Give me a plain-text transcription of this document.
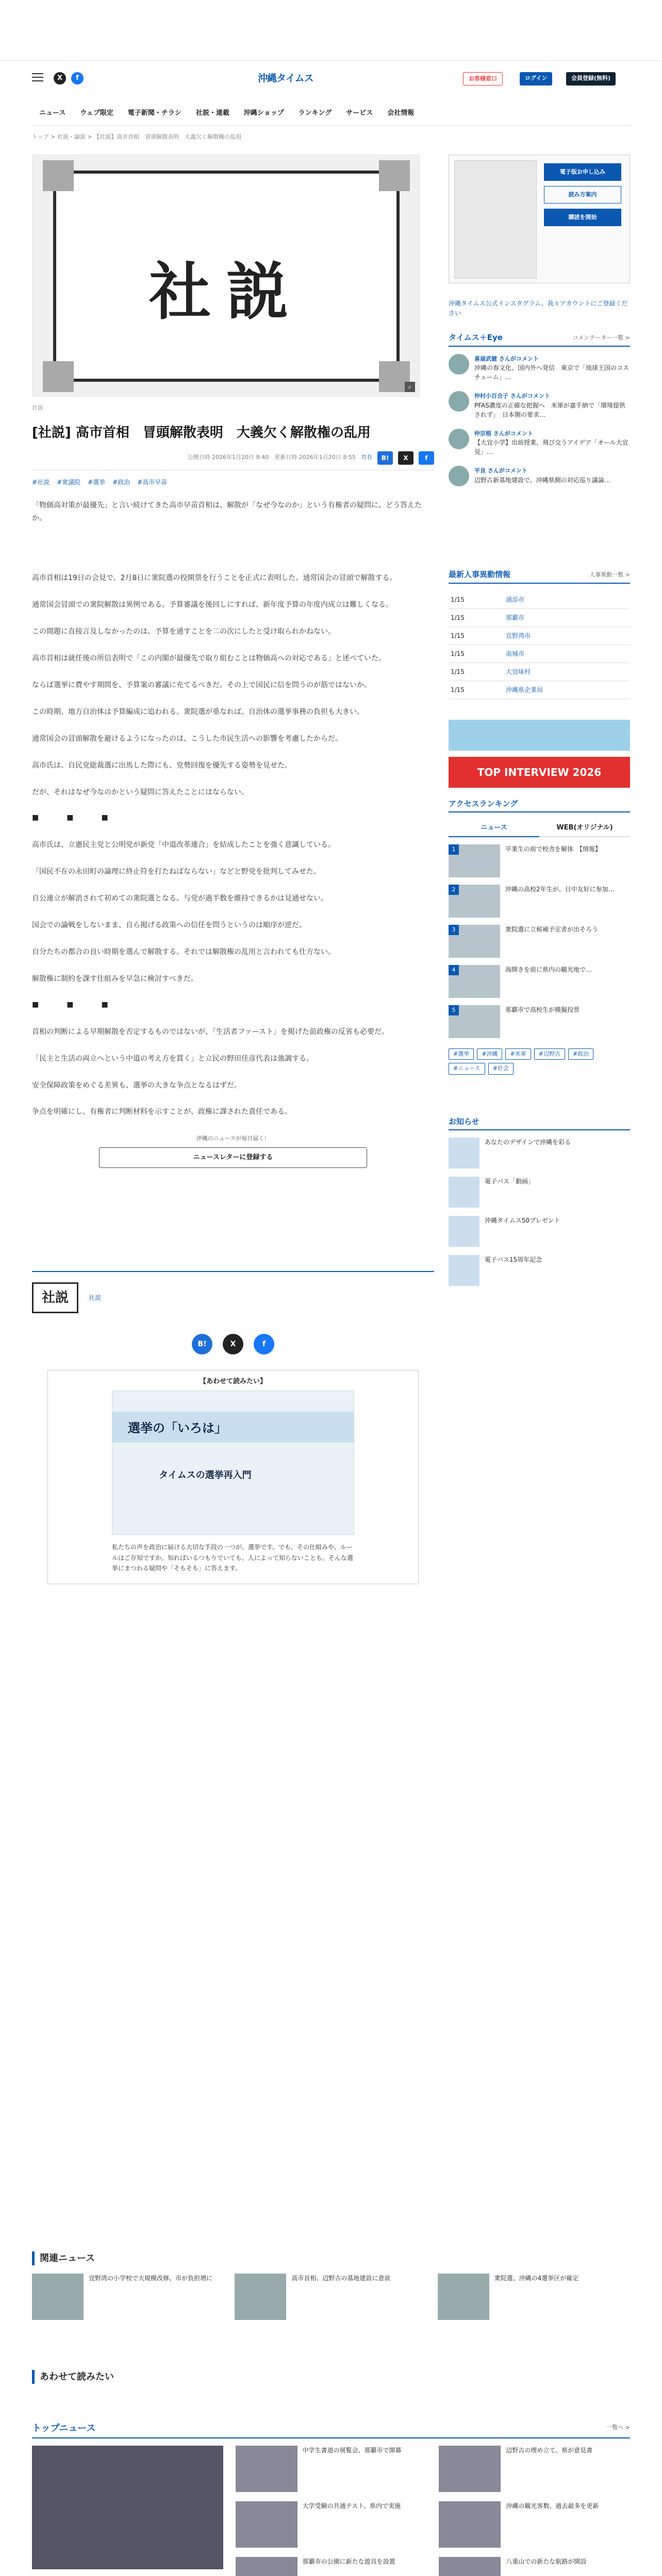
X	f	沖縄タイムス	お客様窓口	ログイン	会員登録(無料)
ニュース	ウェブ限定	電子新聞・チラシ	社説・連載	沖縄ショップ	ランキング	サービス	会社情報
トップ > 社説・論説 > 【社説】高市首相　冒頭解散表明　大義欠く解散権の乱用
社説
⌕
社説
[社説] 高市首相　冒頭解散表明　大義欠く解散権の乱用
公開日時 2026年1月20日 8:40　更新日時 2026年1月20日 8:55 共有	B!	X	f
#社説 #衆議院 #選挙 #政治 #高市早苗

「物価高対策が最優先」と言い続けてきた高市早苗首相は、解散が「なぜ今なのか」という有権者の疑問に、どう答えたか。

高市首相は19日の会見で、2月8日に衆院選の投開票を行うことを正式に表明した。通常国会の冒頭で解散する。

通常国会冒頭での衆院解散は異例である。予算審議を後回しにすれば、新年度予算の年度内成立は難しくなる。

この間題に直接言及しなかったのは、予算を通すことを二の次にしたと受け取られかねない。

高市首相は就任後の所信表明で「この内閣が最優先で取り組むことは物価高への対応である」と述べていた。

ならば選挙に費やす期間を、予算案の審議に充てるべきだ。その上で国民に信を問うのが筋ではないか。

この時期、地方自治体は予算編成に追われる。衆院選が重なれば、自治体の選挙事務の負担も大きい。

通常国会の冒頭解散を避けるようになったのは、こうした市民生活への影響を考慮したからだ。

高市氏は、自民党総裁選に出馬した際にも、党勢回復を優先する姿勢を見せた。

だが、それはなぜ今なのかという疑問に答えたことにはならない。

■　■　■

高市氏は、立憲民主党と公明党が新党「中道改革連合」を結成したことを強く意識している。

「国民不在の永田町の論理に終止符を打たねばならない」などと野党を批判してみせた。

自公連立が解消されて初めての衆院選となる。与党が過半数を維持できるかは見通せない。

国会での論戦をしないまま、自ら掲げる政策への信任を問うというのは順序が逆だ。

自分たちの都合の良い時期を選んで解散する。それでは解散権の乱用と言われても仕方ない。

解散権に制約を課す仕組みを早急に検討すべきだ。

■　■　■

首相の判断による早期解散を否定するものではないが、「生活者ファースト」を掲げた前政権の反省も必要だ。

「民主と生活の両立へという中道の考え方を貫く」と立民の野田佳彦代表は強調する。

安全保障政策をめぐる差異も、選挙の大きな争点となるはずだ。

争点を明確にし、有権者に判断材料を示すことが、政権に課された責任である。

沖縄のニュースが毎日届く！
ニュースレターに登録する
社説	社説
B!	X	f
【あわせて読みたい】
選挙の「いろは」
タイムスの選挙再入門

私たちの声を政治に届ける大切な手段の一つが、選挙です。でも、その仕組みや、ルールはご存知ですか。知ればいるつもりでいても、人によって知らないことも。そんな選挙にまつわる疑問や「そもそも」に答えます。

電子版お申し込み
読み方案内
購読を開始
沖縄タイムス公式インスタグラム。我々アカウントにご登録ください
タイムス＋Eye	コメンテーター一覧 >
喜屋武健 さんがコメント
沖縄の春文化、国内外へ発信　東京で「琉球王国のコスチューム」…
仲村小百合子 さんがコメント
PFAS濃度の正確な把握へ　米軍が嘉手納で「環境提供されず」　日本側の要求…
仲宗根 さんがコメント
【大宜小学】出前授業、飛び交うアイデア「オール大宜見」…
平良 さんがコメント
辺野古新基地建設で、沖縄県側の対応巡り議論…
最新人事異動情報	人事異動一覧 >
1/15	浦添市
1/15	那覇市
1/15	宜野湾市
1/15	南城市
1/15	大宜味村
1/15	沖縄県企業局
TOP INTERVIEW 2026
アクセスランキング
ニュース	WEB(オリジナル)
1	卒業生の前で校舎を解体　【情報】
2	沖縄の高校2年生が、日中友好に参加…
3	衆院選に立候補予定者が出そろう
4	海開きを前に県内の観光地で…
5	那覇市で高校生が模擬投票
#選挙	#沖縄	#米軍	#辺野古	#政治
#ニュース	#社会
お知らせ
あなたのデザインで沖縄を彩る
電子バス「動画」
沖縄タイムス50プレゼント
電子バス15周年記念
関連ニュース
宜野湾の小学校で大規模改修、市が負担増に	高市首相、辺野古の基地建設に意欲	衆院選、沖縄の4選挙区が確定
あわせて読みたい
トップニュース	一覧へ >
中学生書道の展覧会、那覇市で開幕
大学受験の共通テスト、県内で実施
那覇市の公園に新たな遊具を設置
辺野古の埋め立て、県が意見書
沖縄の観光客数、過去最多を更新
八重山での新たな航路が開設
